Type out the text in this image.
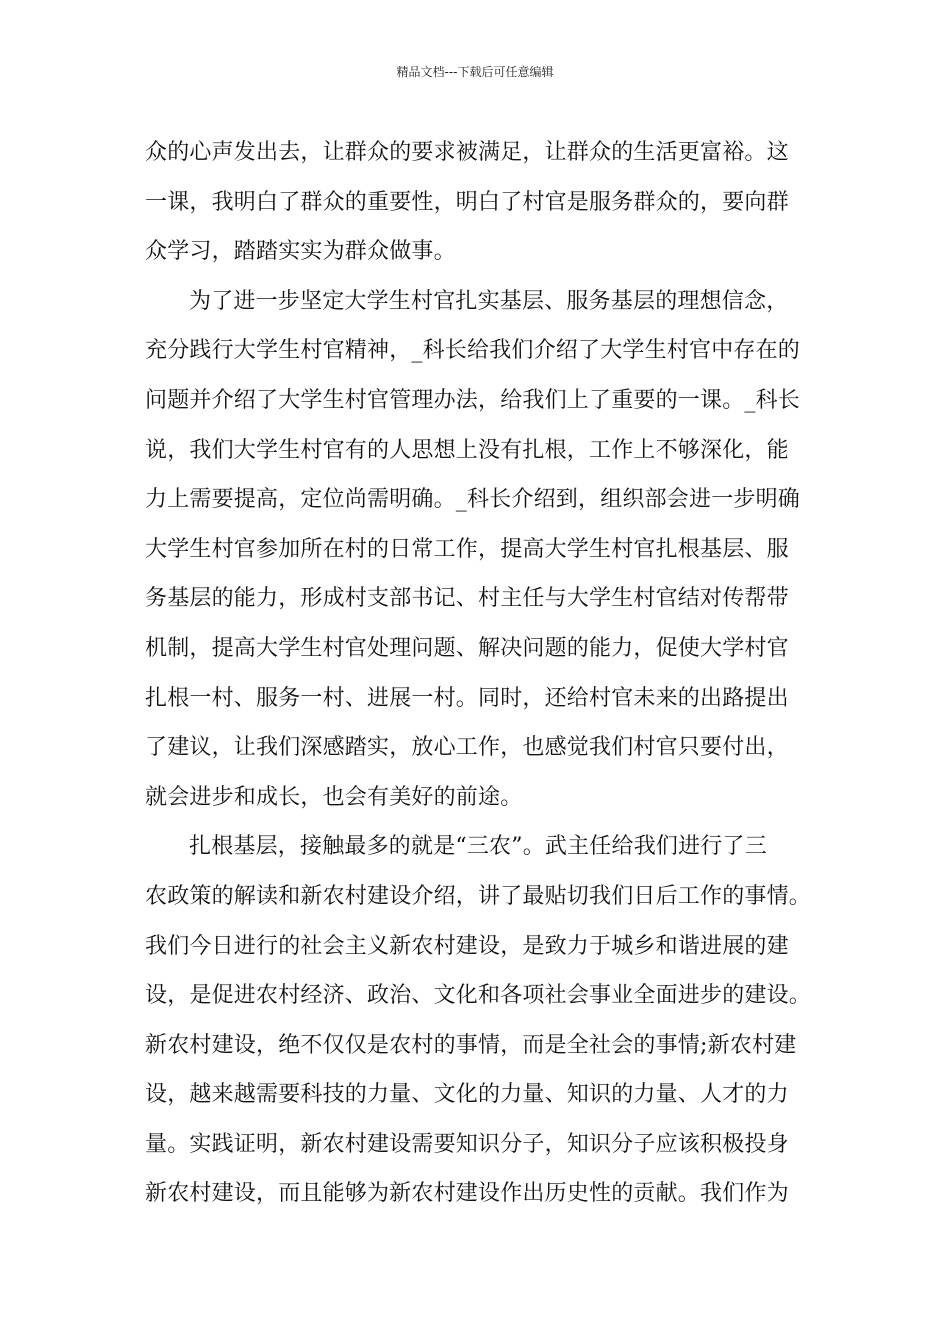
精品文档---下载后可任意编辑
众的心声发出去，让群众的要求被满足，让群众的生活更富裕。这
一课，我明白了群众的重要性，明白了村官是服务群众的，要向群
众学习，踏踏实实为群众做事。
为了进一步坚定大学生村官扎实基层、服务基层的理想信念，
充分践行大学生村官精神，_科长给我们介绍了大学生村官中存在的
问题并介绍了大学生村官管理办法，给我们上了重要的一课。_科长
说，我们大学生村官有的人思想上没有扎根，工作上不够深化，能
力上需要提高，定位尚需明确。_科长介绍到，组织部会进一步明确
大学生村官参加所在村的日常工作，提高大学生村官扎根基层、服
务基层的能力，形成村支部书记、村主任与大学生村官结对传帮带
机制，提高大学生村官处理问题、解决问题的能力，促使大学村官
扎根一村、服务一村、进展一村。同时，还给村官未来的出路提出
了建议，让我们深感踏实，放心工作，也感觉我们村官只要付出，
就会进步和成长，也会有美好的前途。
扎根基层，接触最多的就是“三农”。武主任给我们进行了三
农政策的解读和新农村建设介绍，讲了最贴切我们日后工作的事情。
我们今日进行的社会主义新农村建设，是致力于城乡和谐进展的建
设，是促进农村经济、政治、文化和各项社会事业全面进步的建设。
新农村建设，绝不仅仅是农村的事情，而是全社会的事情;新农村建
设，越来越需要科技的力量、文化的力量、知识的力量、人才的力
量。实践证明，新农村建设需要知识分子，知识分子应该积极投身
新农村建设，而且能够为新农村建设作出历史性的贡献。我们作为
